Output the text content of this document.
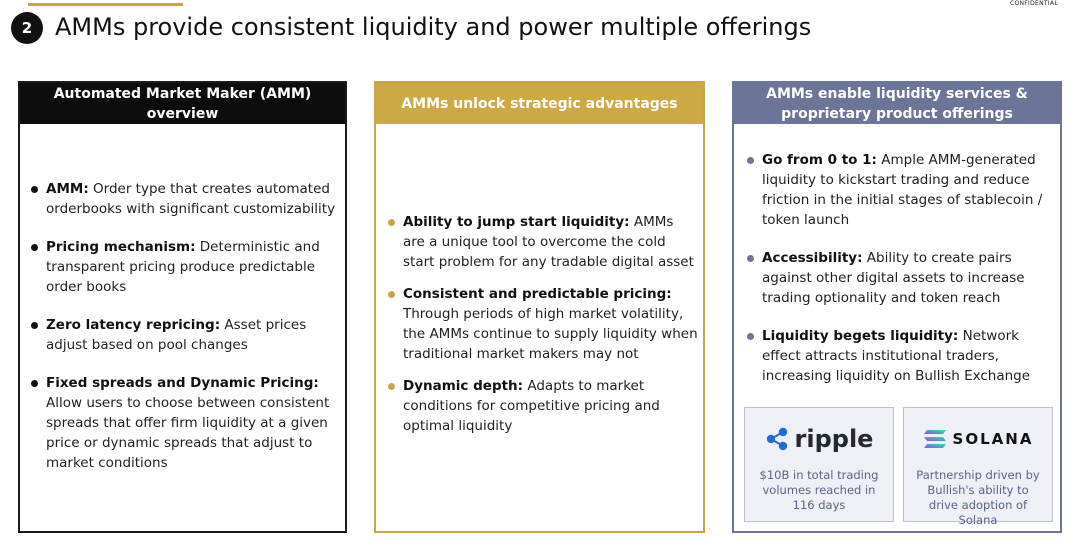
CONFIDENTIAL
2 AMMs provide consistent liquidity and power multiple offerings
Automated Market Maker (AMM) overview
AMM: Order type that creates automated orderbooks with significant customizability
Pricing mechanism: Deterministic and transparent pricing produce predictable order books
Zero latency repricing: Asset prices adjust based on pool changes
Fixed spreads and Dynamic Pricing: Allow users to choose between consistent spreads that offer firm liquidity at a given price or dynamic spreads that adjust to market conditions
AMMs unlock strategic advantages
Ability to jump start liquidity: AMMs are a unique tool to overcome the cold start problem for any tradable digital asset
Consistent and predictable pricing: Through periods of high market volatility, the AMMs continue to supply liquidity when traditional market makers may not
Dynamic depth: Adapts to market conditions for competitive pricing and optimal liquidity
AMMs enable liquidity services & proprietary product offerings
Go from 0 to 1: Ample AMM-generated liquidity to kickstart trading and reduce friction in the initial stages of stablecoin / token launch
Accessibility: Ability to create pairs against other digital assets to increase trading optionality and token reach
Liquidity begets liquidity: Network effect attracts institutional traders, increasing liquidity on Bullish Exchange
ripple
$10B in total trading volumes reached in 116 days
SOLANA
Partnership driven by Bullish's ability to drive adoption of Solana
